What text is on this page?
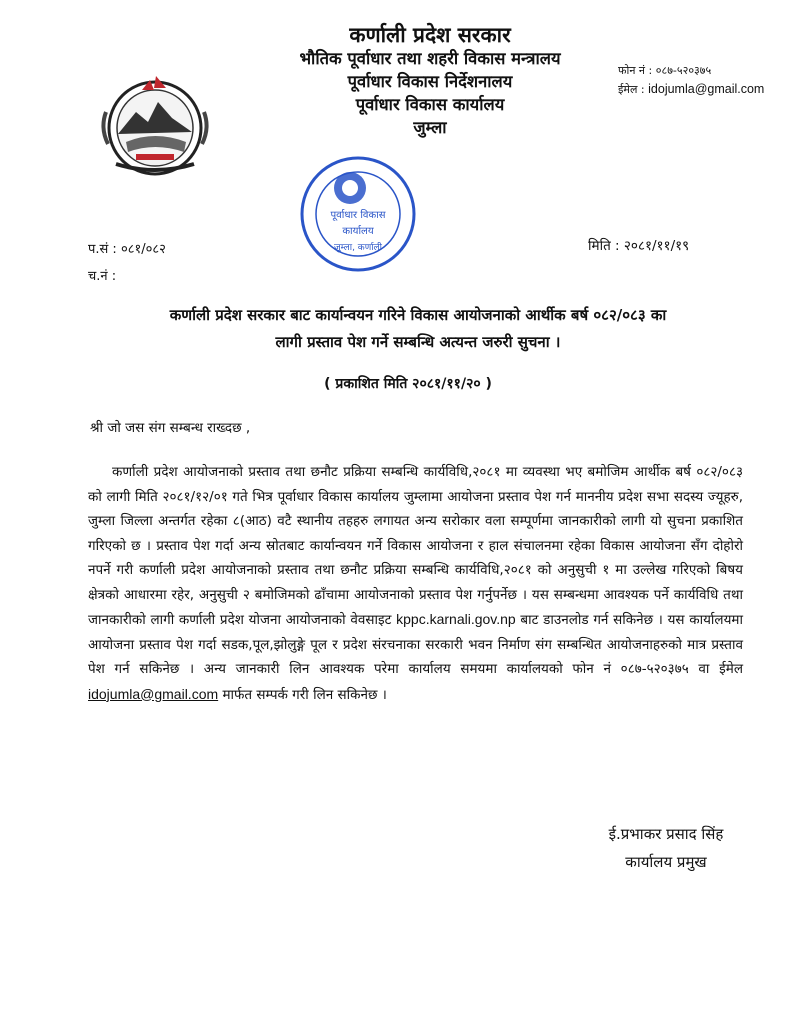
कर्णाली प्रदेश सरकार
भौतिक पूर्वाधार तथा शहरी विकास मन्त्रालय
पूर्वाधार विकास निर्देशनालय
पूर्वाधार विकास कार्यालय
जुम्ला
फोन नं : ०८७-५२०३७५
ईमेल : idojumla@gmail.com
पूर्वाधार विकास
कार्यालय
जुम्ला, कर्णाली
प.सं : ०८१/०८२
च.नं :
मिति : २०८१/११/१९
कर्णाली प्रदेश सरकार बाट कार्यान्वयन गरिने विकास आयोजनाको आर्थीक बर्ष ०८२/०८३ का
लागी प्रस्ताव पेश गर्ने सम्बन्धि अत्यन्त जरुरी सुचना ।
( प्रकाशित मिति २०८१/११/२० )
श्री जो जस संग सम्बन्ध राख्दछ ,

कर्णाली प्रदेश आयोजनाको प्रस्ताव तथा छनौट प्रक्रिया सम्बन्धि कार्यविधि,२०८१ मा व्यवस्था भए बमोजिम आर्थीक बर्ष ०८२/०८३ को लागी मिति २०८१/१२/०१ गते भित्र पूर्वाधार विकास कार्यालय जुम्लामा आयोजना प्रस्ताव पेश गर्न माननीय प्रदेश सभा सदस्य ज्यूहरु, जुम्ला जिल्ला अन्तर्गत रहेका ८(आठ) वटै स्थानीय तहहरु लगायत अन्य सरोकार वला सम्पूर्णमा जानकारीको लागी यो सुचना प्रकाशित गरिएको छ । प्रस्ताव पेश गर्दा अन्य स्रोतबाट कार्यान्वयन गर्ने विकास आयोजना र हाल संचालनमा रहेका विकास आयोजना सँग दोहोरो नपर्ने गरी कर्णाली प्रदेश आयोजनाको प्रस्ताव तथा छनौट प्रक्रिया सम्बन्धि कार्यविधि,२०८१ को अनुसुची १ मा उल्लेख गरिएको बिषय क्षेत्रको आधारमा रहेर, अनुसुची २ बमोजिमको ढाँचामा आयोजनाको प्रस्ताव पेश गर्नुपर्नेछ । यस सम्बन्धमा आवश्यक पर्ने कार्यविधि तथा जानकारीको लागी कर्णाली प्रदेश योजना आयोजनाको वेवसाइट kppc.karnali.gov.np बाट डाउनलोड गर्न सकिनेछ । यस कार्यालयमा आयोजना प्रस्ताव पेश गर्दा सडक,पूल,झोलुङ्गे पूल र प्रदेश संरचनाका सरकारी भवन निर्माण संग सम्बन्धित आयोजनाहरुको मात्र प्रस्ताव पेश गर्न सकिनेछ । अन्य जानकारी लिन आवश्यक परेमा कार्यालय समयमा कार्यालयको फोन नं ०८७-५२०३७५ वा ईमेल idojumla@gmail.com मार्फत सम्पर्क गरी लिन सकिनेछ ।

ई.प्रभाकर प्रसाद सिंह
कार्यालय प्रमुख
